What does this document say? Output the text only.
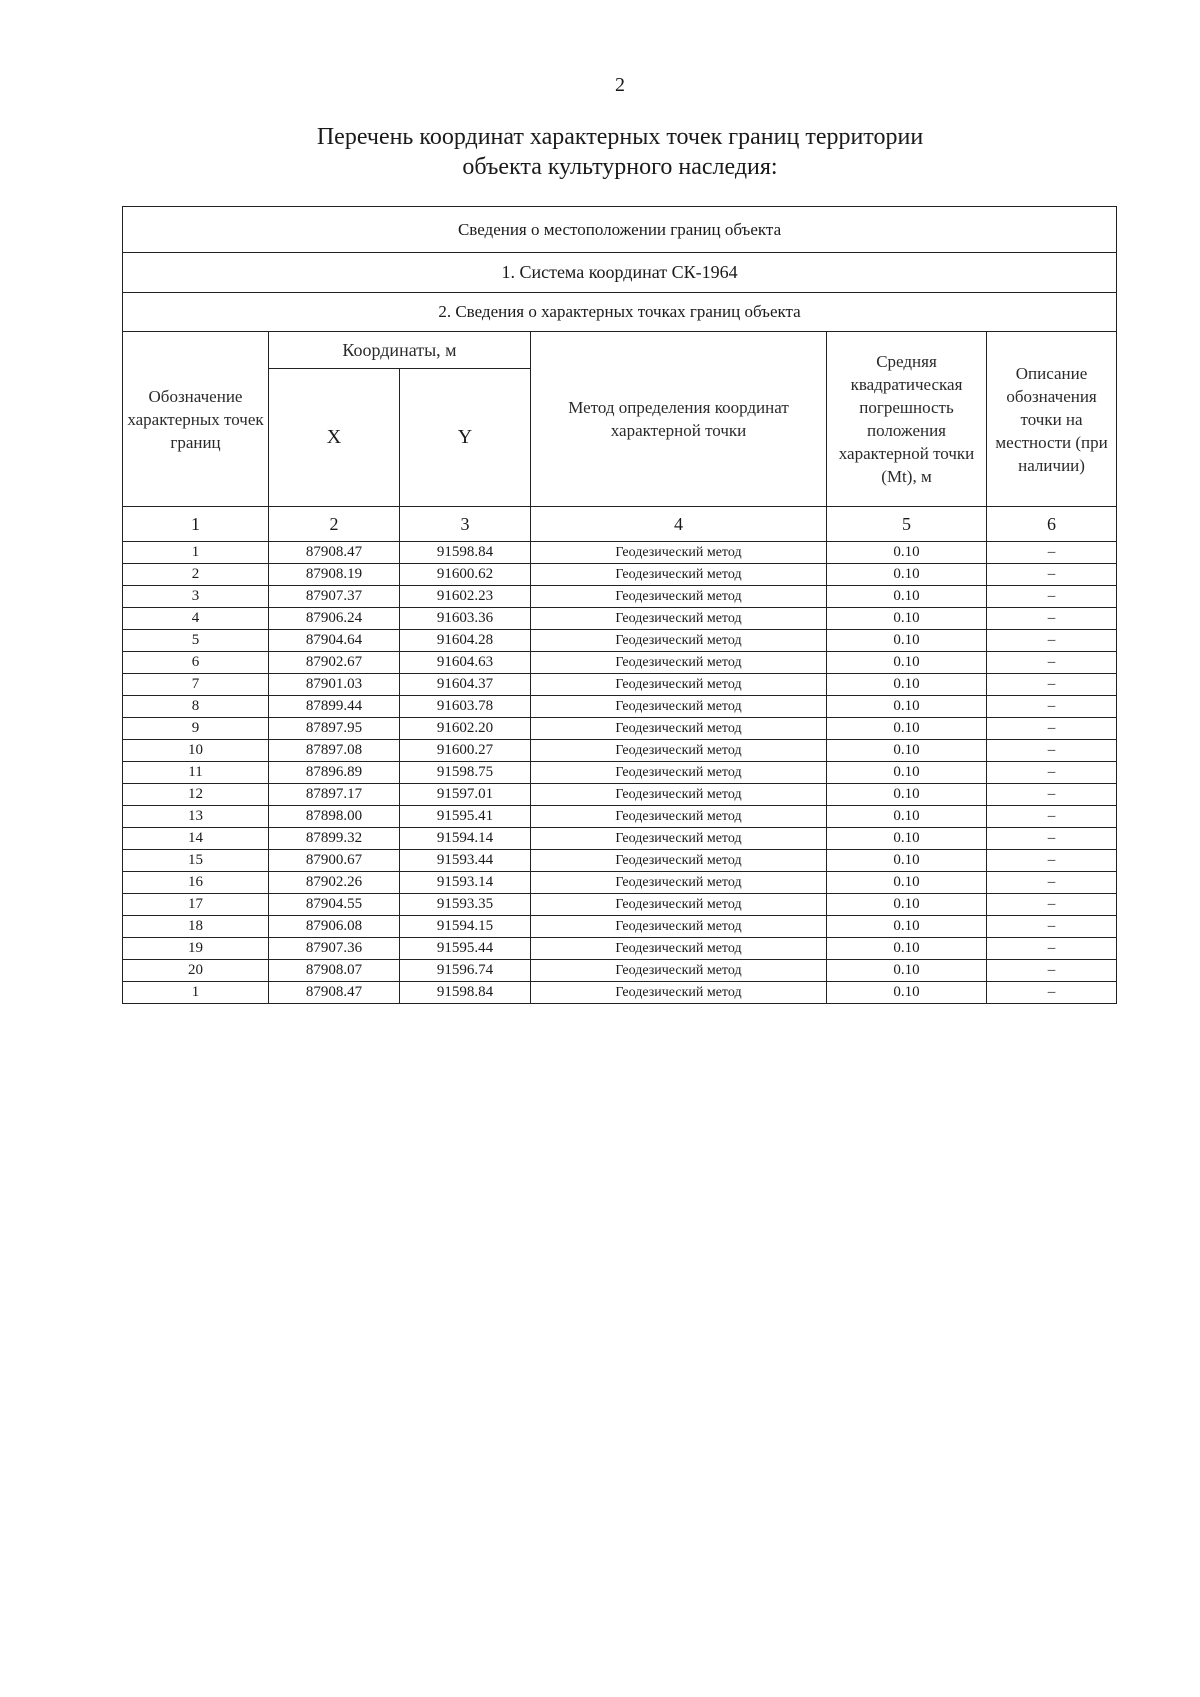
2
Перечень координат характерных точек границ территории
объекта культурного наследия:
Сведения о местоположении границ объекта					
1. Система координат СК-1964					
2. Сведения о характерных точках границ объекта					
Обозначение характерных точек границ	Координаты, м		Метод определения координат характерной точки	Средняя квадратическая погрешность положения характерной точки (Mt), м	Описание обозначения точки на местности (при наличии)
	X	Y			
1	2	3	4	5	6
1	87908.47	91598.84	Геодезический метод	0.10	–
2	87908.19	91600.62	Геодезический метод	0.10	–
3	87907.37	91602.23	Геодезический метод	0.10	–
4	87906.24	91603.36	Геодезический метод	0.10	–
5	87904.64	91604.28	Геодезический метод	0.10	–
6	87902.67	91604.63	Геодезический метод	0.10	–
7	87901.03	91604.37	Геодезический метод	0.10	–
8	87899.44	91603.78	Геодезический метод	0.10	–
9	87897.95	91602.20	Геодезический метод	0.10	–
10	87897.08	91600.27	Геодезический метод	0.10	–
11	87896.89	91598.75	Геодезический метод	0.10	–
12	87897.17	91597.01	Геодезический метод	0.10	–
13	87898.00	91595.41	Геодезический метод	0.10	–
14	87899.32	91594.14	Геодезический метод	0.10	–
15	87900.67	91593.44	Геодезический метод	0.10	–
16	87902.26	91593.14	Геодезический метод	0.10	–
17	87904.55	91593.35	Геодезический метод	0.10	–
18	87906.08	91594.15	Геодезический метод	0.10	–
19	87907.36	91595.44	Геодезический метод	0.10	–
20	87908.07	91596.74	Геодезический метод	0.10	–
1	87908.47	91598.84	Геодезический метод	0.10	–
